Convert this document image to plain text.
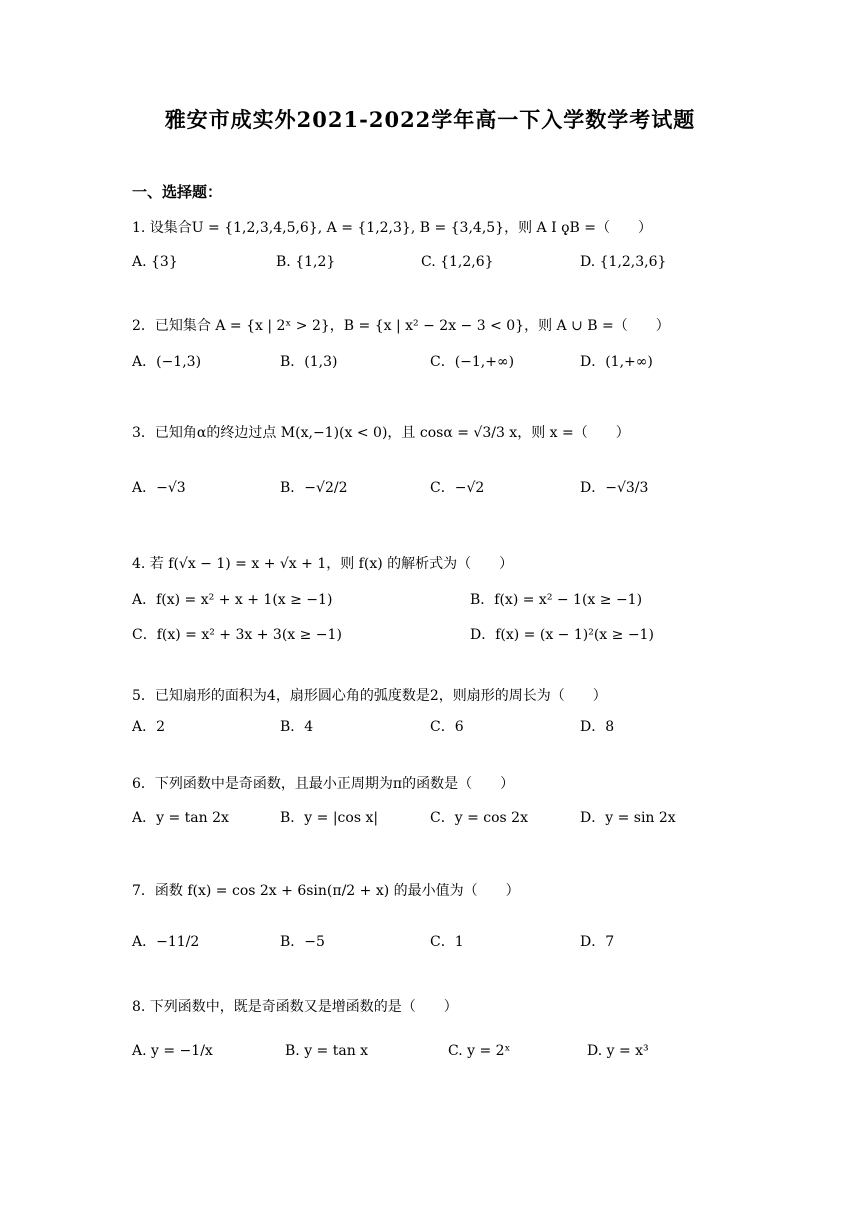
雅安市成实外2021-2022学年高一下入学数学考试题
一、选择题：
1. 设集合U = {1,2,3,4,5,6}, A = {1,2,3}, B = {3,4,5}，则 A Ⅰ ǫ̨B =（　　）
A. {3}	B. {1,2}	C. {1,2,6}	D. {1,2,3,6}
2．已知集合 A = {x | 2ˣ > 2}，B = {x | x² − 2x − 3 < 0}，则 A ∪ B =（　　）
A．(−1,3)	B．(1,3)	C．(−1,+∞)	D．(1,+∞)
3．已知角α的终边过点 M(x,−1)(x < 0)，且 cosα = √3/3 x，则 x =（　　）
A．−√3	B．−√2/2	C．−√2	D．−√3/3
4. 若 f(√x − 1) = x + √x + 1，则 f(x) 的解析式为（　　）
A．f(x) = x² + x + 1(x ≥ −1)	B．f(x) = x² − 1(x ≥ −1)
C．f(x) = x² + 3x + 3(x ≥ −1)	D．f(x) = (x − 1)²(x ≥ −1)
5．已知扇形的面积为4，扇形圆心角的弧度数是2，则扇形的周长为（　　）
A．2	B．4	C．6	D．8
6．下列函数中是奇函数，且最小正周期为π的函数是（　　）
A．y = tan 2x	B．y = |cos x|	C．y = cos 2x	D．y = sin 2x
7．函数 f(x) = cos 2x + 6sin(π/2 + x) 的最小值为（　　）
A．−11/2	B．−5	C．1	D．7
8. 下列函数中，既是奇函数又是增函数的是（　　）
A. y = −1/x	B. y = tan x	C. y = 2ˣ	D. y = x³
